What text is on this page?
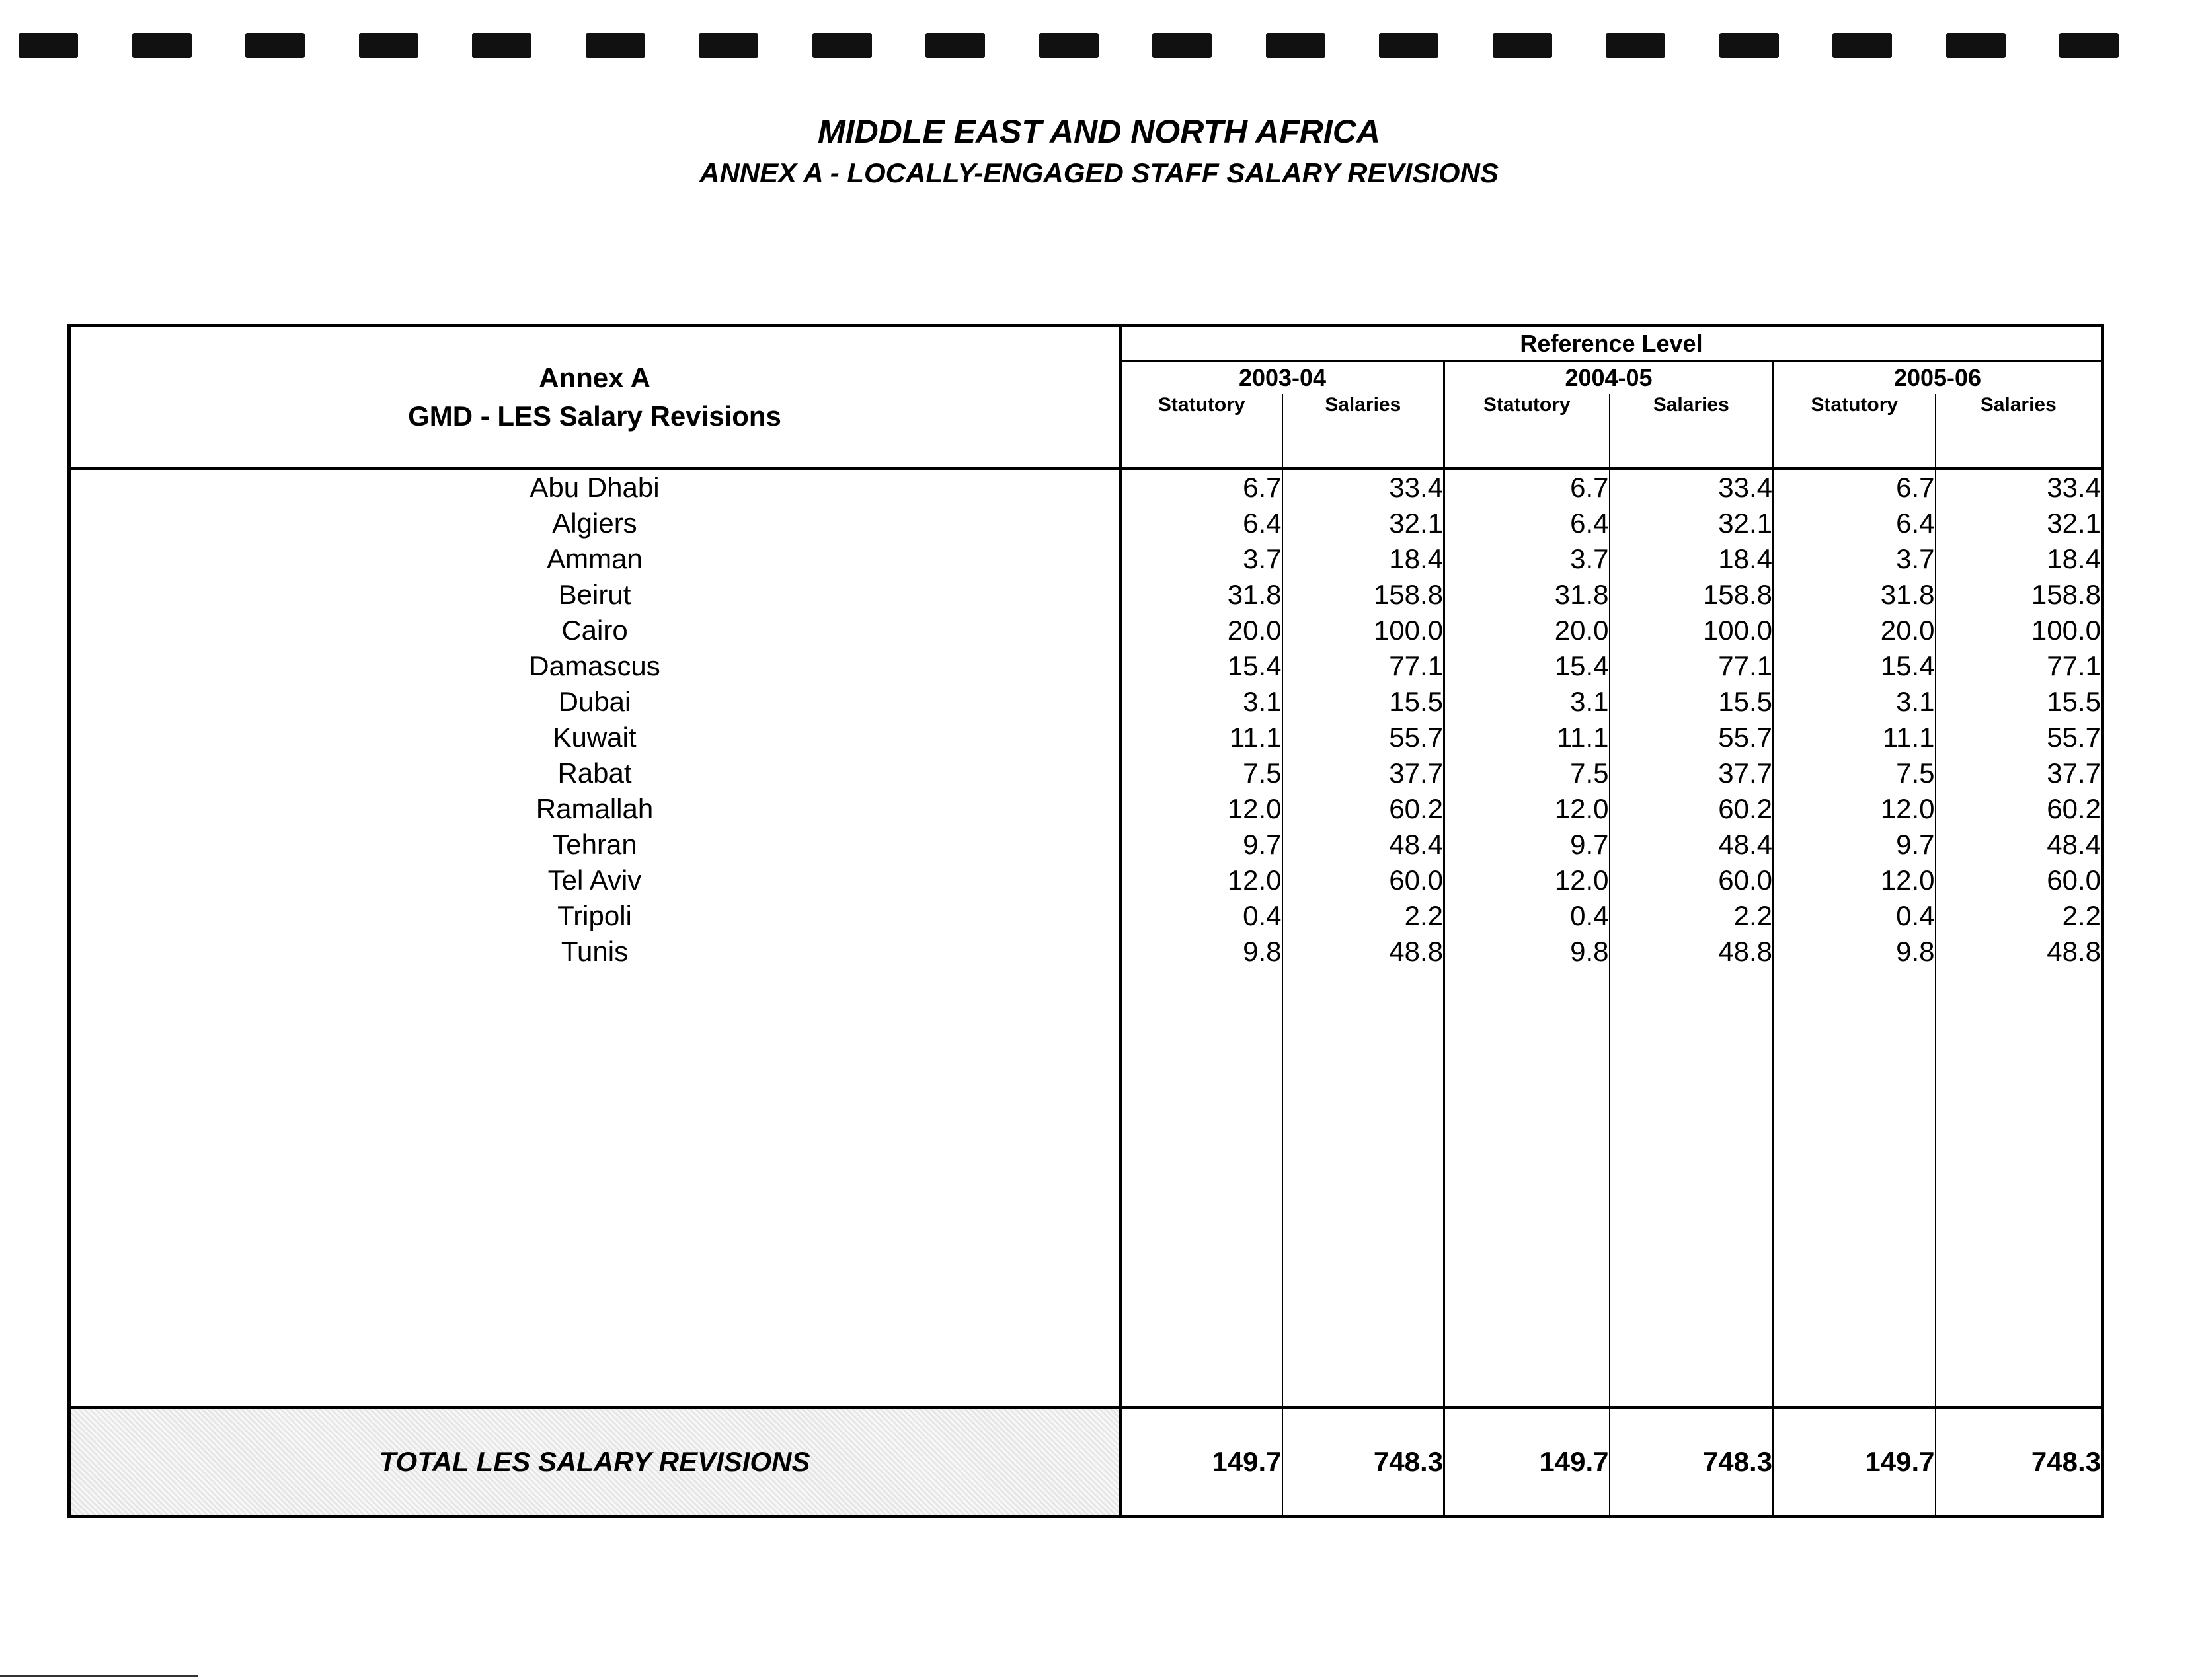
MIDDLE EAST AND NORTH AFRICA
ANNEX A - LOCALLY-ENGAGED STAFF SALARY REVISIONS
Annex A
GMD - LES Salary Revisions	Reference Level					
	2003-04		2004-05		2005-06	
	Statutory	Salaries	Statutory	Salaries	Statutory	Salaries
Abu Dhabi	6.7	33.4	6.7	33.4	6.7	33.4
Algiers	6.4	32.1	6.4	32.1	6.4	32.1
Amman	3.7	18.4	3.7	18.4	3.7	18.4
Beirut	31.8	158.8	31.8	158.8	31.8	158.8
Cairo	20.0	100.0	20.0	100.0	20.0	100.0
Damascus	15.4	77.1	15.4	77.1	15.4	77.1
Dubai	3.1	15.5	3.1	15.5	3.1	15.5
Kuwait	11.1	55.7	11.1	55.7	11.1	55.7
Rabat	7.5	37.7	7.5	37.7	7.5	37.7
Ramallah	12.0	60.2	12.0	60.2	12.0	60.2
Tehran	9.7	48.4	9.7	48.4	9.7	48.4
Tel Aviv	12.0	60.0	12.0	60.0	12.0	60.0
Tripoli	0.4	2.2	0.4	2.2	0.4	2.2
Tunis	9.8	48.8	9.8	48.8	9.8	48.8

TOTAL LES SALARY REVISIONS	149.7	748.3	149.7	748.3	149.7	748.3
